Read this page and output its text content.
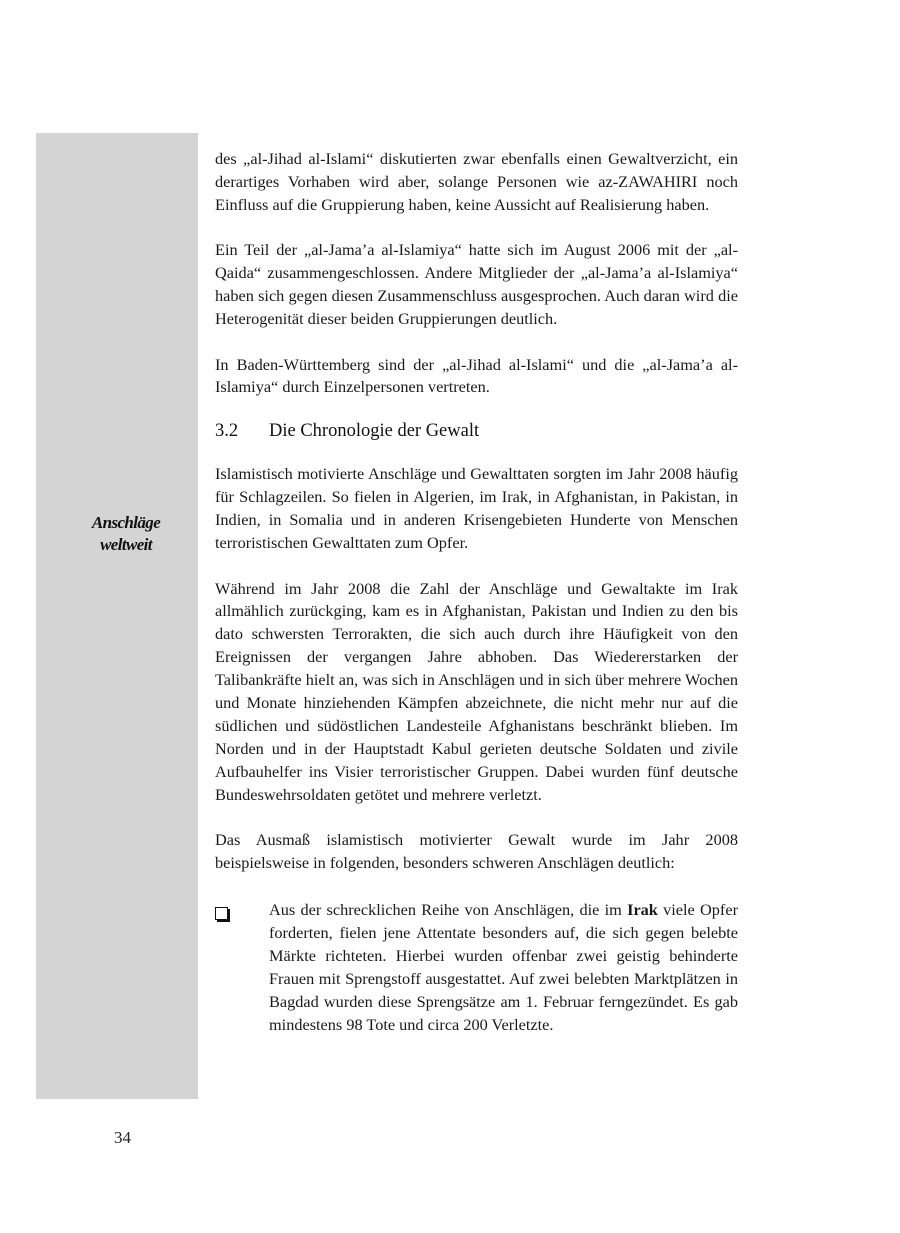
Anschläge
weltweit

des „al-Jihad al-Islami“ diskutierten zwar ebenfalls einen Gewaltverzicht, ein derartiges Vorhaben wird aber, solange Personen wie az-ZAWAHIRI noch Einfluss auf die Gruppierung haben, keine Aussicht auf Realisierung haben.

Ein Teil der „al-Jama’a al-Islamiya“ hatte sich im August 2006 mit der „al-Qaida“ zusammengeschlossen. Andere Mitglieder der „al-Jama’a al-Islamiya“ haben sich gegen diesen Zusammenschluss ausgesprochen. Auch daran wird die Heterogenität dieser beiden Gruppierungen deutlich.

In Baden-Württemberg sind der „al-Jihad al-Islami“ und die „al-Jama’a al-Islamiya“ durch Einzelpersonen vertreten.

3.2	Die Chronologie der Gewalt

Islamistisch motivierte Anschläge und Gewalttaten sorgten im Jahr 2008 häufig für Schlagzeilen. So fielen in Algerien, im Irak, in Afghanistan, in Pakistan, in Indien, in Somalia und in anderen Krisengebieten Hunderte von Menschen terroristischen Gewalttaten zum Opfer.

Während im Jahr 2008 die Zahl der Anschläge und Gewaltakte im Irak allmählich zurückging, kam es in Afghanistan, Pakistan und Indien zu den bis dato schwersten Terrorakten, die sich auch durch ihre Häufigkeit von den Ereignissen der vergangen Jahre abhoben. Das Wiedererstarken der Talibankräfte hielt an, was sich in Anschlägen und in sich über mehrere Wochen und Monate hinziehenden Kämpfen abzeichnete, die nicht mehr nur auf die südlichen und südöstlichen Landesteile Afghanistans beschränkt blieben. Im Norden und in der Hauptstadt Kabul gerieten deutsche Soldaten und zivile Aufbauhelfer ins Visier terroristischer Gruppen. Dabei wurden fünf deutsche Bundeswehrsoldaten getötet und mehrere verletzt.

Das Ausmaß islamistisch motivierter Gewalt wurde im Jahr 2008 beispielsweise in folgenden, besonders schweren Anschlägen deutlich:

Aus der schrecklichen Reihe von Anschlägen, die im Irak viele Opfer forderten, fielen jene Attentate besonders auf, die sich gegen belebte Märkte richteten. Hierbei wurden offenbar zwei geistig behinderte Frauen mit Sprengstoff ausgestattet. Auf zwei belebten Marktplätzen in Bagdad wurden diese Sprengsätze am 1. Februar ferngezündet. Es gab mindestens 98 Tote und circa 200 Verletzte.
34
